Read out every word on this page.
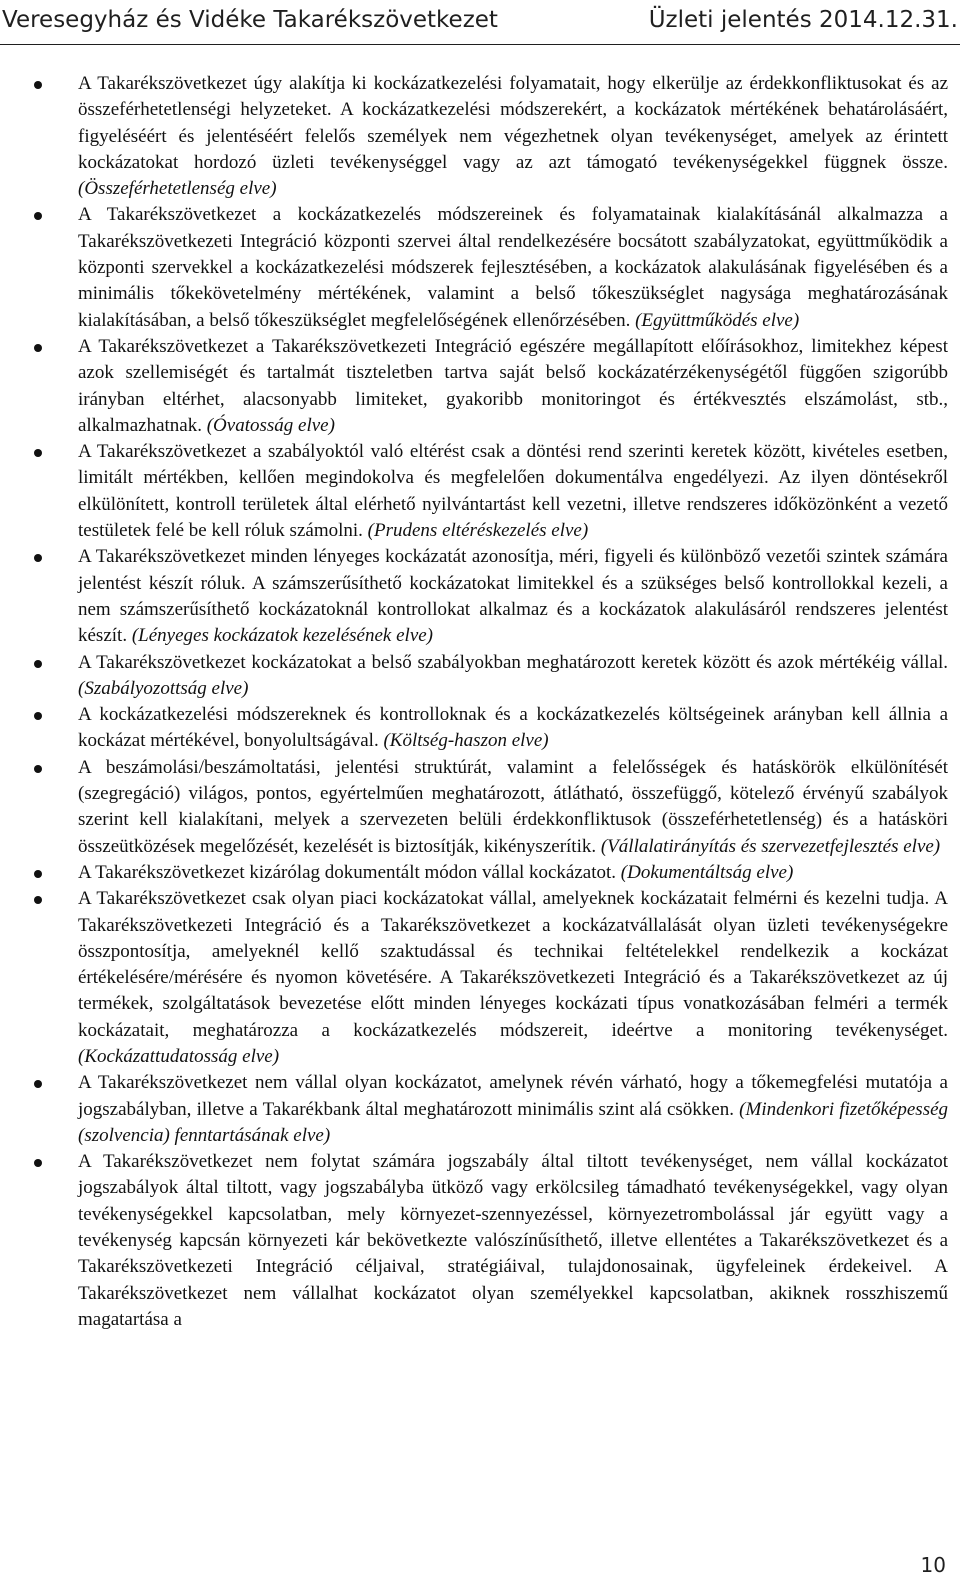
Veresegyház és Vidéke Takarékszövetkezet	Üzleti jelentés 2014.12.31.
A Takarékszövetkezet úgy alakítja ki kockázatkezelési folyamatait, hogy elkerülje az érdekkonfliktusokat és az összeférhetetlenségi helyzeteket. A kockázatkezelési módszerekért, a kockázatok mértékének behatárolásáért, figyeléséért és jelentéséért felelős személyek nem végezhetnek olyan tevékenységet, amelyek az érintett kockázatokat hordozó üzleti tevékenységgel vagy az azt támogató tevékenységekkel függnek össze. (Összeférhetetlenség elve)
A Takarékszövetkezet a kockázatkezelés módszereinek és folyamatainak kialakításánál alkalmazza a Takarékszövetkezeti Integráció központi szervei által rendelkezésére bocsátott szabályzatokat, együttműködik a központi szervekkel a kockázatkezelési módszerek fejlesztésében, a kockázatok alakulásának figyelésében és a minimális tőkekövetelmény mértékének, valamint a belső tőkeszükséglet nagysága meghatározásának kialakításában, a belső tőkeszükséglet megfelelőségének ellenőrzésében. (Együttműködés elve)
A Takarékszövetkezet a Takarékszövetkezeti Integráció egészére megállapított előírásokhoz, limitekhez képest azok szellemiségét és tartalmát tiszteletben tartva saját belső kockázatérzékenységétől függően szigorúbb irányban eltérhet, alacsonyabb limiteket, gyakoribb monitoringot és értékvesztés elszámolást, stb., alkalmazhatnak. (Óvatosság elve)
A Takarékszövetkezet a szabályoktól való eltérést csak a döntési rend szerinti keretek között, kivételes esetben, limitált mértékben, kellően megindokolva és megfelelően dokumentálva engedélyezi. Az ilyen döntésekről elkülönített, kontroll területek által elérhető nyilvántartást kell vezetni, illetve rendszeres időközönként a vezető testületek felé be kell róluk számolni. (Prudens eltéréskezelés elve)
A Takarékszövetkezet minden lényeges kockázatát azonosítja, méri, figyeli és különböző vezetői szintek számára jelentést készít róluk. A számszerűsíthető kockázatokat limitekkel és a szükséges belső kontrollokkal kezeli, a nem számszerűsíthető kockázatoknál kontrollokat alkalmaz és a kockázatok alakulásáról rendszeres jelentést készít. (Lényeges kockázatok kezelésének elve)
A Takarékszövetkezet kockázatokat a belső szabályokban meghatározott keretek között és azok mértékéig vállal. (Szabályozottság elve)
A kockázatkezelési módszereknek és kontrolloknak és a kockázatkezelés költségeinek arányban kell állnia a kockázat mértékével, bonyolultságával. (Költség-haszon elve)
A beszámolási/beszámoltatási, jelentési struktúrát, valamint a felelősségek és hatáskörök elkülönítését (szegregáció) világos, pontos, egyértelműen meghatározott, átlátható, összefüggő, kötelező érvényű szabályok szerint kell kialakítani, melyek a szervezeten belüli érdekkonfliktusok (összeférhetetlenség) és a hatásköri összeütközések megelőzését, kezelését is biztosítják, kikényszerítik. (Vállalatirányítás és szervezetfejlesztés elve)
A Takarékszövetkezet kizárólag dokumentált módon vállal kockázatot. (Dokumentáltság elve)
A Takarékszövetkezet csak olyan piaci kockázatokat vállal, amelyeknek kockázatait felmérni és kezelni tudja. A Takarékszövetkezeti Integráció és a Takarékszövetkezet a kockázatvállalását olyan üzleti tevékenységekre összpontosítja, amelyeknél kellő szaktudással és technikai feltételekkel rendelkezik a kockázat értékelésére/mérésére és nyomon követésére. A Takarékszövetkezeti Integráció és a Takarékszövetkezet az új termékek, szolgáltatások bevezetése előtt minden lényeges kockázati típus vonatkozásában felméri a termék kockázatait, meghatározza a kockázatkezelés módszereit, ideértve a monitoring tevékenységet. (Kockázattudatosság elve)
A Takarékszövetkezet nem vállal olyan kockázatot, amelynek révén várható, hogy a tőkemegfelési mutatója a jogszabályban, illetve a Takarékbank által meghatározott minimális szint alá csökken. (Mindenkori fizetőképesség (szolvencia) fenntartásának elve)
A Takarékszövetkezet nem folytat számára jogszabály által tiltott tevékenységet, nem vállal kockázatot jogszabályok által tiltott, vagy jogszabályba ütköző vagy erkölcsileg támadható tevékenységekkel, vagy olyan tevékenységekkel kapcsolatban, mely környezet-szennyezéssel, környezetrombolással jár együtt vagy a tevékenység kapcsán környezeti kár bekövetkezte valószínűsíthető, illetve ellentétes a Takarékszövetkezet és a Takarékszövetkezeti Integráció céljaival, stratégiáival, tulajdonosainak, ügyfeleinek érdekeivel. A Takarékszövetkezet nem vállalhat kockázatot olyan személyekkel kapcsolatban, akiknek rosszhiszemű magatartása a
10
